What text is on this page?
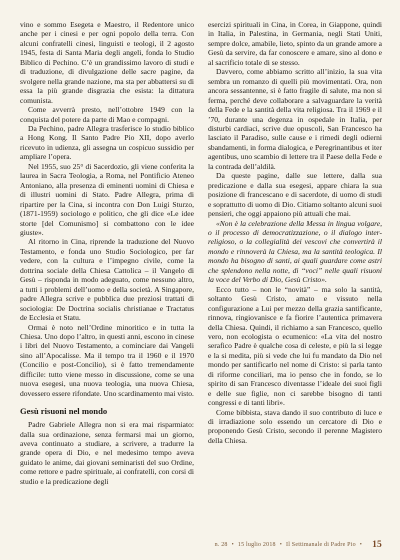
vino e sommo Esegeta e Maestro, il Redentore unico anche per i cinesi e per ogni popolo della terra. Con alcuni confratelli cinesi, linguisti e teologi, il 2 agosto 1945, festa di Santa Maria degli angeli, fonda lo Studio Biblico di Pechino. C’è un grandissimo lavoro di studi e di traduzione, di divulgazione delle sacre pagine, da svolgere nella grande nazione, ma sta per abbattersi su di essa la più grande disgrazia che esista: la dittatura comunista.

Come avverrà presto, nell’ottobre 1949 con la conquista del potere da parte di Mao e compagni.

Da Pechino, padre Allegra trasferisce lo studio biblico a Hong Kong. Il Santo Padre Pio XII, dopo averlo ricevuto in udienza, gli assegna un cospicuo sussidio per ampliare l’opera.

Nel 1955, suo 25° di Sacerdozio, gli viene conferita la laurea in Sacra Teologia, a Roma, nel Pontificio Ateneo Antoniano, alla presenza di eminenti uomini di Chiesa e di illustri uomini di Stato. Padre Allegra, prima di ripartire per la Cina, si incontra con Don Luigi Sturzo, (1871-1959) sociologo e politico, che gli dice «Le idee storte [del Comunismo] si combattono con le idee giuste».

Al ritorno in Cina, riprende la traduzione del Nuovo Testamento, e fonda uno Studio Sociologico, per far vedere, con la cultura e l’impegno civile, come la dottrina sociale della Chiesa Cattolica – il Vangelo di Gesù – risponda in modo adeguato, come nessuno altro, a tutti i problemi dell’uomo e della società. A Singapore, padre Allegra scrive e pubblica due preziosi trattati di sociologia: De Doctrina socialis christianae e Tractatus de Ecclesia et Statu.

Ormai è noto nell’Ordine minoritico e in tutta la Chiesa. Uno dopo l’altro, in questi anni, escono in cinese i libri del Nuovo Testamento, a cominciare dai Vangeli sino all’Apocalisse. Ma il tempo tra il 1960 e il 1970 (Concilio e post-Concilio), si è fatto tremendamente difficile: tutto viene messo in discussione, come se una nuova esegesi, una nuova teologia, una nuova Chiesa, dovessero essere rifondate. Uno scardinamento mai visto.

Gesù risuoni nel mondo

Padre Gabriele Allegra non si era mai risparmiato: dalla sua ordinazione, senza fermarsi mai un giorno, aveva continuato a studiare, a scrivere, a tradurre la grande opera di Dio, e nel medesimo tempo aveva guidato le anime, dai giovani seminaristi del suo Ordine, come rettore e padre spirituale, ai confratelli, con corsi di studio e la predicazione degli

esercizi spirituali in Cina, in Corea, in Giappone, quindi in Italia, in Palestina, in Germania, negli Stati Uniti, sempre dolce, amabile, lieto, spinto da un grande amore a Gesù da servire, da far conoscere e amare, sino al dono e al sacrificio totale di se stesso.

Davvero, come abbiamo scritto all’inizio, la sua vita sembra un romanzo di quelli più movimentati. Ora, non ancora sessantenne, si è fatto fragile di salute, ma non si ferma, perché deve collaborare a salvaguardare la verità della Fede e la santità della vita religiosa. Tra il 1969 e il ’70, durante una degenza in ospedale in Italia, per disturbi cardiaci, scrive due opuscoli, San Francesco ha lasciato il Paradiso, sulle cause e i rimedi degli odierni sbandamenti, in forma dialogica, e Peregrinantibus et iter agentibus, uno scambio di lettere tra il Paese della Fede e la contrada dell’aldilà.

Da queste pagine, dalle sue lettere, dalla sua predicazione e dalla sua esegesi, appare chiara la sua posizione di francescano e di sacerdote, di uomo di studi e soprattutto di uomo di Dio. Citiamo soltanto alcuni suoi pensieri, che oggi appaiono più attuali che mai.

«Non è la celebrazione della Messa in lingua volgare, o il processo di democratizzazione, o il dialogo inter-religioso, o la collegialità dei vescovi che convertirà il mondo e rinnoverà la Chiesa, ma la santità teologica. Il mondo ha bisogno di santi, ai quali guardare come astri che splendono nella notte, di “voci” nelle quali risuoni la voce del Verbo di Dio, Gesù Cristo».

Ecco tutto – non le “novità” – ma solo la santità, soltanto Gesù Cristo, amato e vissuto nella configurazione a Lui per mezzo della grazia santificante, rinnova, ringiovanisce e fa fiorire l’autentica primavera della Chiesa. Quindi, il richiamo a san Francesco, quello vero, non ecologista o ecumenico: «La vita del nostro serafico Padre è qualche cosa di celeste, e più la si legge e la si medita, più si vede che lui fu mandato da Dio nel mondo per santificarlo nel nome di Cristo: si parla tanto di riforme conciliari, ma io penso che in fondo, se lo spirito di san Francesco diventasse l’ideale dei suoi figli e delle sue figlie, non ci sarebbe bisogno di tanti congressi e di tanti libri».

Come bibbista, stava dando il suo contributo di luce e di irradiazione solo essendo un cercatore di Dio e proponendo Gesù Cristo, secondo il perenne Magistero della Chiesa.

n. 28 • 15 luglio 2018 • Il Settimanale di Padre Pio • 15
